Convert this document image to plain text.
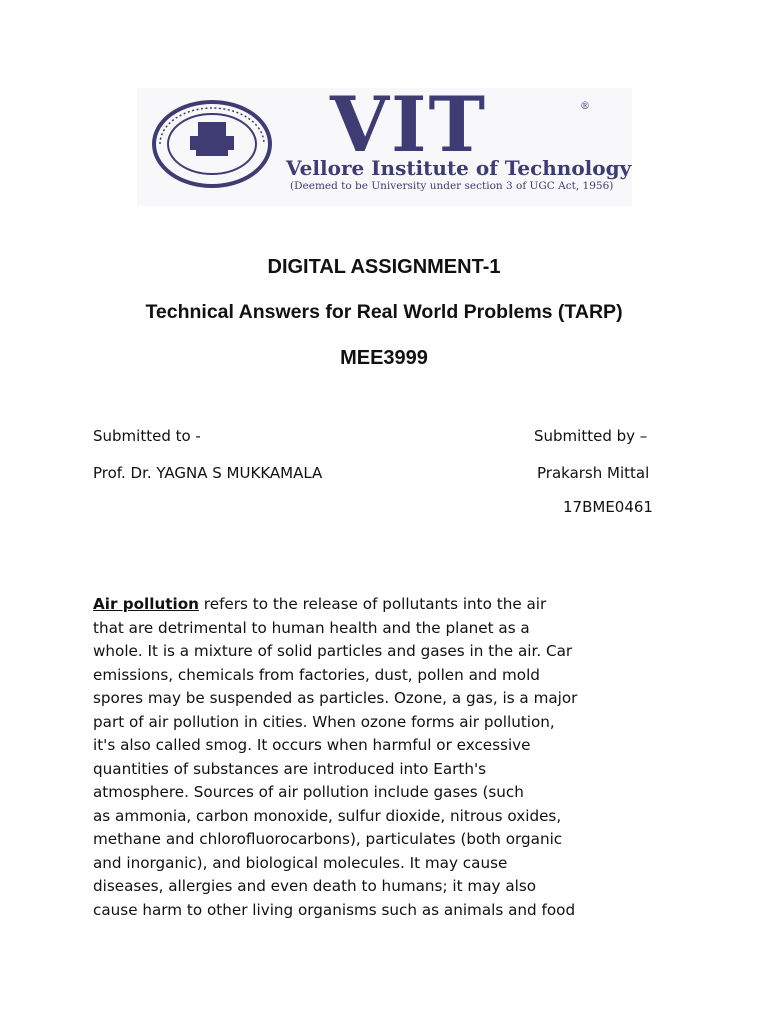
VIT	®
Vellore Institute of Technology
(Deemed to be University under section 3 of UGC Act, 1956)
DIGITAL ASSIGNMENT-1
Technical Answers for Real World Problems (TARP)
MEE3999
Submitted to -
Prof. Dr. YAGNA S MUKKAMALA
Submitted by –
Prakarsh Mittal
17BME0461

Air pollution refers to the release of pollutants into the air
that are detrimental to human health and the planet as a
whole. It is a mixture of solid particles and gases in the air. Car
emissions, chemicals from factories, dust, pollen and mold
spores may be suspended as particles. Ozone, a gas, is a major
part of air pollution in cities. When ozone forms air pollution,
it's also called smog. It occurs when harmful or excessive
quantities of substances are introduced into Earth's
atmosphere. Sources of air pollution include gases (such
as ammonia, carbon monoxide, sulfur dioxide, nitrous oxides,
methane and chlorofluorocarbons), particulates (both organic
and inorganic), and biological molecules. It may cause
diseases, allergies and even death to humans; it may also
cause harm to other living organisms such as animals and food
